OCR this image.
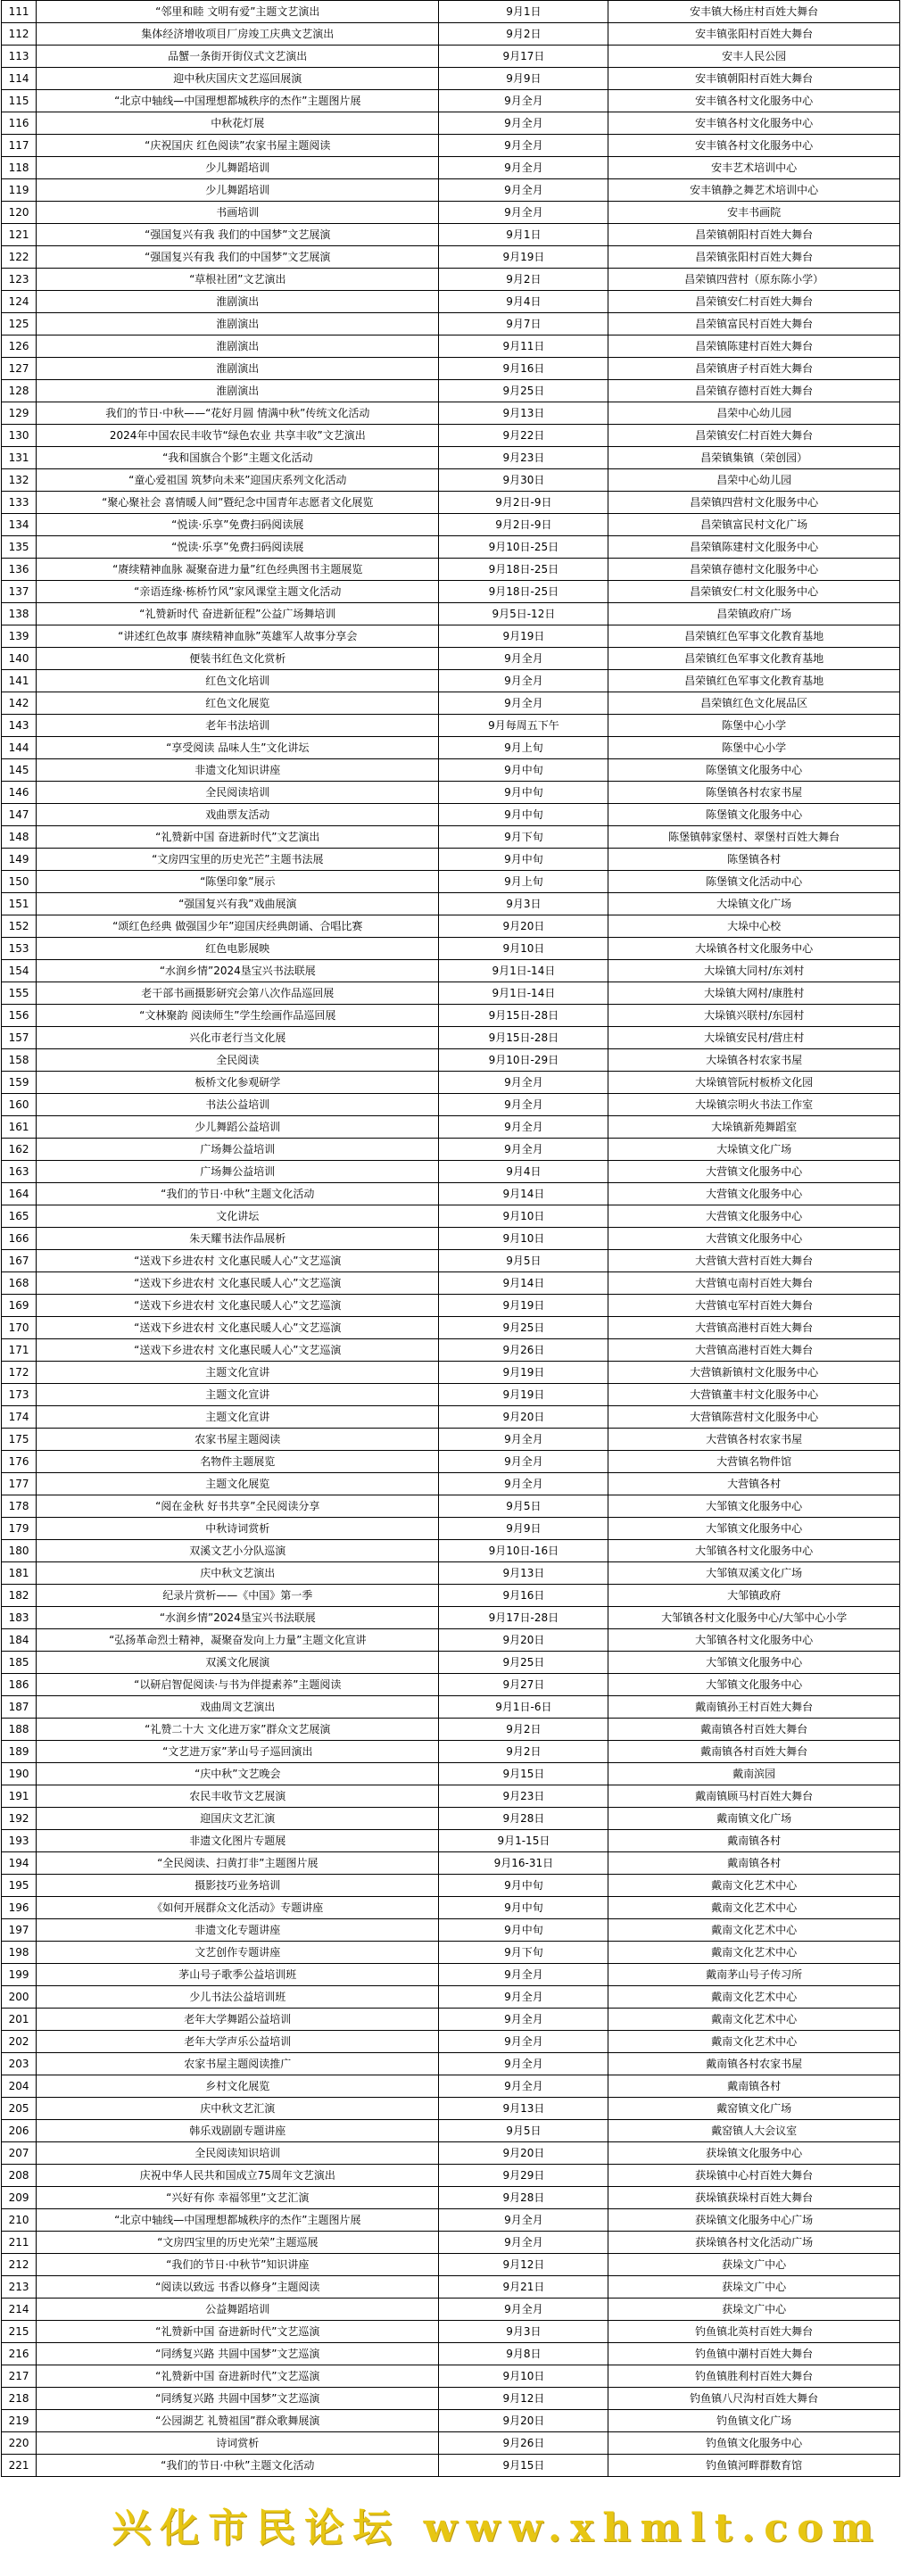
111	“邻里和睦 文明有爱”主题文艺演出	9月1日	安丰镇大杨庄村百姓大舞台
112	集体经济增收项目厂房竣工庆典文艺演出	9月2日	安丰镇张阳村百姓大舞台
113	品蟹一条街开街仪式文艺演出	9月17日	安丰人民公园
114	迎中秋庆国庆文艺巡回展演	9月9日	安丰镇朝阳村百姓大舞台
115	“北京中轴线—中国理想都城秩序的杰作”主题图片展	9月全月	安丰镇各村文化服务中心
116	中秋花灯展	9月全月	安丰镇各村文化服务中心
117	“庆祝国庆 红色阅读”农家书屋主题阅读	9月全月	安丰镇各村文化服务中心
118	少儿舞蹈培训	9月全月	安丰艺术培训中心
119	少儿舞蹈培训	9月全月	安丰镇静之舞艺术培训中心
120	书画培训	9月全月	安丰书画院
121	“强国复兴有我 我们的中国梦”文艺展演	9月1日	昌荣镇朝阳村百姓大舞台
122	“强国复兴有我 我们的中国梦”文艺展演	9月19日	昌荣镇张阳村百姓大舞台
123	“草根社团”文艺演出	9月2日	昌荣镇四营村（原东陈小学）
124	淮剧演出	9月4日	昌荣镇安仁村百姓大舞台
125	淮剧演出	9月7日	昌荣镇富民村百姓大舞台
126	淮剧演出	9月11日	昌荣镇陈建村百姓大舞台
127	淮剧演出	9月16日	昌荣镇唐子村百姓大舞台
128	淮剧演出	9月25日	昌荣镇存德村百姓大舞台
129	我们的节日·中秋——“花好月圆 情满中秋”传统文化活动	9月13日	昌荣中心幼儿园
130	2024年中国农民丰收节“绿色农业 共享丰收”文艺演出	9月22日	昌荣镇安仁村百姓大舞台
131	“我和国旗合个影”主题文化活动	9月23日	昌荣镇集镇（荣创园）
132	“童心爱祖国 筑梦向未来”迎国庆系列文化活动	9月30日	昌荣中心幼儿园
133	“聚心聚社会 喜情暖人间”暨纪念中国青年志愿者文化展览	9月2日-9日	昌荣镇四营村文化服务中心
134	“悦读·乐享”免费扫码阅读展	9月2日-9日	昌荣镇富民村文化广场
135	“悦读·乐享”免费扫码阅读展	9月10日-25日	昌荣镇陈建村文化服务中心
136	“赓续精神血脉 凝聚奋进力量”红色经典图书主题展览	9月18日-25日	昌荣镇存德村文化服务中心
137	“亲语连缘·栋桥竹风”家风课堂主题文化活动	9月18日-25日	昌荣镇安仁村文化服务中心
138	“礼赞新时代 奋进新征程”公益广场舞培训	9月5日-12日	昌荣镇政府广场
139	“讲述红色故事 赓续精神血脉”英雄军人故事分享会	9月19日	昌荣镇红色军事文化教育基地
140	便装书红色文化赏析	9月全月	昌荣镇红色军事文化教育基地
141	红色文化培训	9月全月	昌荣镇红色军事文化教育基地
142	红色文化展览	9月全月	昌荣镇红色文化展品区
143	老年书法培训	9月每周五下午	陈堡中心小学
144	“享受阅读 品味人生”文化讲坛	9月上旬	陈堡中心小学
145	非遗文化知识讲座	9月中旬	陈堡镇文化服务中心
146	全民阅读培训	9月中旬	陈堡镇各村农家书屋
147	戏曲票友活动	9月中旬	陈堡镇文化服务中心
148	“礼赞新中国 奋进新时代”文艺演出	9月下旬	陈堡镇韩家堡村、翠堡村百姓大舞台
149	“文房四宝里的历史光芒”主题书法展	9月中旬	陈堡镇各村
150	“陈堡印象”展示	9月上旬	陈堡镇文化活动中心
151	“强国复兴有我”戏曲展演	9月3日	大垛镇文化广场
152	“颂红色经典 做强国少年”迎国庆经典朗诵、合唱比赛	9月20日	大垛中心校
153	红色电影展映	9月10日	大垛镇各村文化服务中心
154	“水润乡情”2024垦宝兴书法联展	9月1日-14日	大垛镇大同村/东刘村
155	老干部书画摄影研究会第八次作品巡回展	9月1日-14日	大垛镇大网村/康胜村
156	“文林聚韵 阅读师生”学生绘画作品巡回展	9月15日-28日	大垛镇兴联村/东园村
157	兴化市老行当文化展	9月15日-28日	大垛镇安民村/营庄村
158	全民阅读	9月10日-29日	大垛镇各村农家书屋
159	板桥文化参观研学	9月全月	大垛镇管阮村板桥文化园
160	书法公益培训	9月全月	大垛镇宗明火书法工作室
161	少儿舞蹈公益培训	9月全月	大垛镇新苑舞蹈室
162	广场舞公益培训	9月全月	大垛镇文化广场
163	广场舞公益培训	9月4日	大营镇文化服务中心
164	“我们的节日·中秋”主题文化活动	9月14日	大营镇文化服务中心
165	文化讲坛	9月10日	大营镇文化服务中心
166	朱天耀书法作品展析	9月10日	大营镇文化服务中心
167	“送戏下乡进农村 文化惠民暖人心”文艺巡演	9月5日	大营镇大营村百姓大舞台
168	“送戏下乡进农村 文化惠民暖人心”文艺巡演	9月14日	大营镇屯南村百姓大舞台
169	“送戏下乡进农村 文化惠民暖人心”文艺巡演	9月19日	大营镇屯军村百姓大舞台
170	“送戏下乡进农村 文化惠民暖人心”文艺巡演	9月25日	大营镇高港村百姓大舞台
171	“送戏下乡进农村 文化惠民暖人心”文艺巡演	9月26日	大营镇高港村百姓大舞台
172	主题文化宣讲	9月19日	大营镇新镇村文化服务中心
173	主题文化宣讲	9月19日	大营镇董丰村文化服务中心
174	主题文化宣讲	9月20日	大营镇陈营村文化服务中心
175	农家书屋主题阅读	9月全月	大营镇各村农家书屋
176	名物件主题展览	9月全月	大营镇名物件馆
177	主题文化展览	9月全月	大营镇各村
178	“阅在金秋 好书共享”全民阅读分享	9月5日	大邹镇文化服务中心
179	中秋诗词赏析	9月9日	大邹镇文化服务中心
180	双溪文艺小分队巡演	9月10日-16日	大邹镇各村文化服务中心
181	庆中秋文艺演出	9月13日	大邹镇双溪文化广场
182	纪录片赏析——《中国》第一季	9月16日	大邹镇政府
183	“水润乡情”2024垦宝兴书法联展	9月17日-28日	大邹镇各村文化服务中心/大邹中心小学
184	“弘扬革命烈士精神，凝聚奋发向上力量”主题文化宣讲	9月20日	大邹镇各村文化服务中心
185	双溪文化展演	9月25日	大邹镇文化服务中心
186	“以研启智促阅读·与书为伴提素养”主题阅读	9月27日	大邹镇文化服务中心
187	戏曲周文艺演出	9月1日-6日	戴南镇孙王村百姓大舞台
188	“礼赞二十大 文化进万家”群众文艺展演	9月2日	戴南镇各村百姓大舞台
189	“文艺进万家”茅山号子巡回演出	9月2日	戴南镇各村百姓大舞台
190	“庆中秋”文艺晚会	9月15日	戴南滨园
191	农民丰收节文艺展演	9月23日	戴南镇顾马村百姓大舞台
192	迎国庆文艺汇演	9月28日	戴南镇文化广场
193	非遗文化图片专题展	9月1-15日	戴南镇各村
194	“全民阅读、扫黄打非”主题图片展	9月16-31日	戴南镇各村
195	摄影技巧业务培训	9月中旬	戴南文化艺术中心
196	《如何开展群众文化活动》专题讲座	9月中旬	戴南文化艺术中心
197	非遗文化专题讲座	9月中旬	戴南文化艺术中心
198	文艺创作专题讲座	9月下旬	戴南文化艺术中心
199	茅山号子歌季公益培训班	9月全月	戴南茅山号子传习所
200	少儿书法公益培训班	9月全月	戴南文化艺术中心
201	老年大学舞蹈公益培训	9月全月	戴南文化艺术中心
202	老年大学声乐公益培训	9月全月	戴南文化艺术中心
203	农家书屋主题阅读推广	9月全月	戴南镇各村农家书屋
204	乡村文化展览	9月全月	戴南镇各村
205	庆中秋文艺汇演	9月13日	戴窑镇文化广场
206	韩乐戏剧剧专题讲座	9月5日	戴窑镇人大会议室
207	全民阅读知识培训	9月20日	获垛镇文化服务中心
208	庆祝中华人民共和国成立75周年文艺演出	9月29日	获垛镇中心村百姓大舞台
209	“兴好有你 幸福邻里”文艺汇演	9月28日	获垛镇获垛村百姓大舞台
210	“北京中轴线—中国理想都城秩序的杰作”主题图片展	9月全月	获垛镇文化服务中心广场
211	“文房四宝里的历史光荣”主题巡展	9月全月	获垛镇各村文化活动广场
212	“我们的节日·中秋节”知识讲座	9月12日	获垛文广中心
213	“阅读以致远 书香以修身”主题阅读	9月21日	获垛文广中心
214	公益舞蹈培训	9月全月	获垛文广中心
215	“礼赞新中国 奋进新时代”文艺巡演	9月3日	钓鱼镇北英村百姓大舞台
216	“同绣复兴路 共圆中国梦”文艺巡演	9月8日	钓鱼镇中潮村百姓大舞台
217	“礼赞新中国 奋进新时代”文艺巡演	9月10日	钓鱼镇胜利村百姓大舞台
218	“同绣复兴路 共圆中国梦”文艺巡演	9月12日	钓鱼镇八尺沟村百姓大舞台
219	“公园湖艺 礼赞祖国”群众歌舞展演	9月20日	钓鱼镇文化广场
220	诗词赏析	9月26日	钓鱼镇文化服务中心
221	“我们的节日·中秋”主题文化活动	9月15日	钓鱼镇河畔群数育馆
兴化市民论坛 www.xhmlt.com
